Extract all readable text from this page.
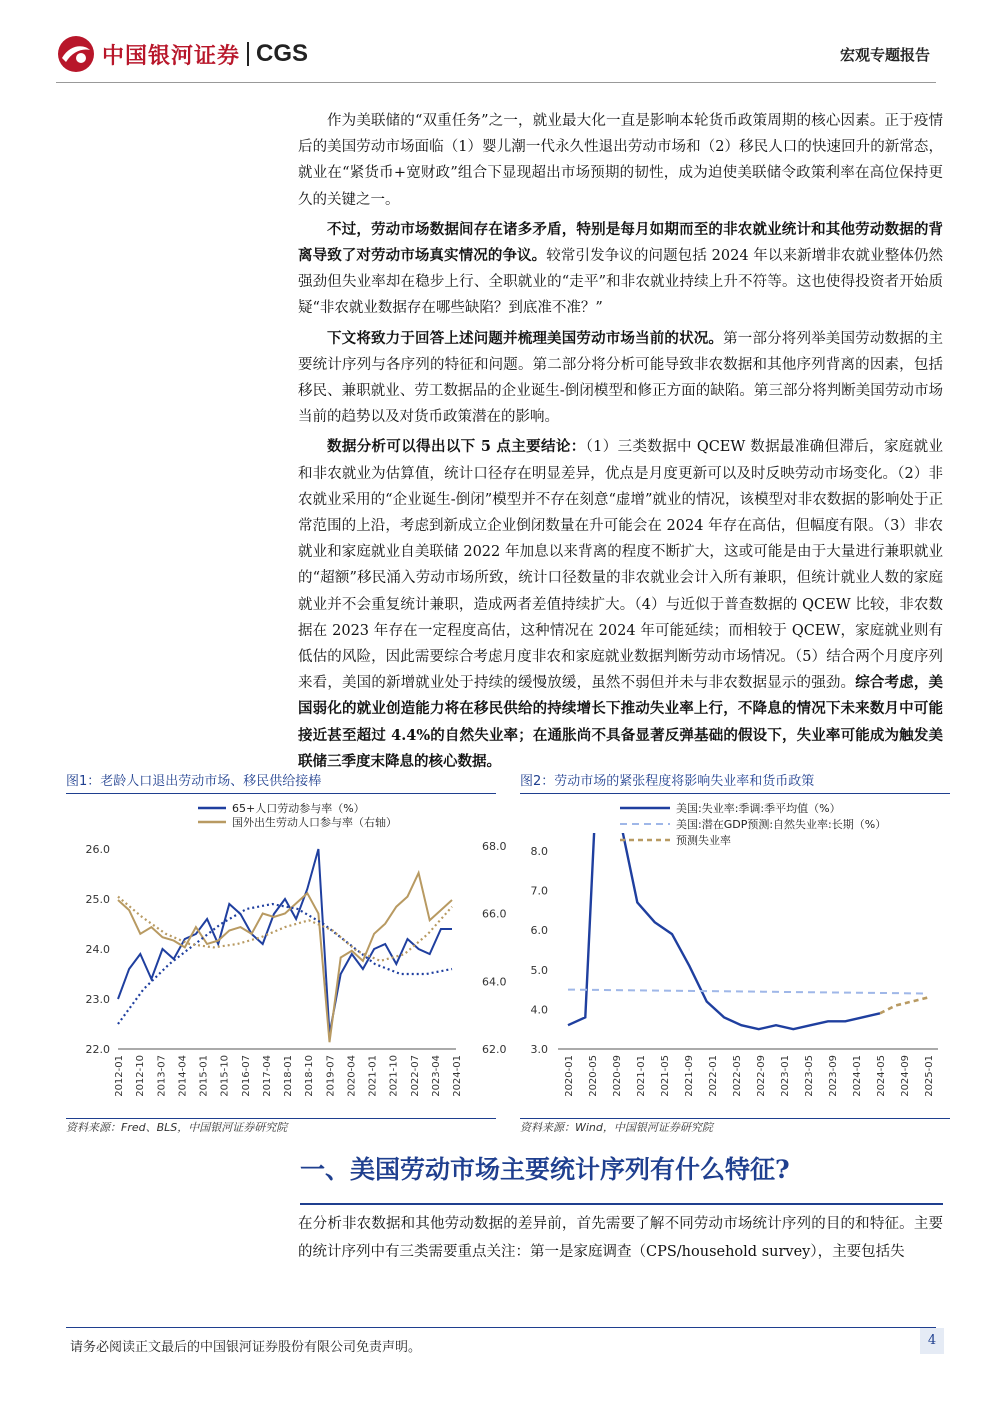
中国银河证券 CGS	宏观专题报告

作为美联储的“双重任务”之一，就业最大化一直是影响本轮货币政策周期的核心因素。正于疫情后的美国劳动市场面临（1）婴儿潮一代永久性退出劳动市场和（2）移民人口的快速回升的新常态，就业在“紧货币+宽财政”组合下显现超出市场预期的韧性，成为迫使美联储令政策利率在高位保持更久的关键之一。

不过，劳动市场数据间存在诸多矛盾，特别是每月如期而至的非农就业统计和其他劳动数据的背离导致了对劳动市场真实情况的争议。较常引发争议的问题包括 2024 年以来新增非农就业整体仍然强劲但失业率却在稳步上行、全职就业的“走平”和非农就业持续上升不符等。这也使得投资者开始质疑“非农就业数据存在哪些缺陷？到底准不准？”

下文将致力于回答上述问题并梳理美国劳动市场当前的状况。第一部分将列举美国劳动数据的主要统计序列与各序列的特征和问题。第二部分将分析可能导致非农数据和其他序列背离的因素，包括移民、兼职就业、劳工数据品的企业诞生-倒闭模型和修正方面的缺陷。第三部分将判断美国劳动市场当前的趋势以及对货币政策潜在的影响。

数据分析可以得出以下 5 点主要结论：（1）三类数据中 QCEW 数据最准确但滞后，家庭就业和非农就业为估算值，统计口径存在明显差异，优点是月度更新可以及时反映劳动市场变化。（2）非农就业采用的“企业诞生-倒闭”模型并不存在刻意“虚增”就业的情况，该模型对非农数据的影响处于正常范围的上沿，考虑到新成立企业倒闭数量在升可能会在 2024 年存在高估，但幅度有限。（3）非农就业和家庭就业自美联储 2022 年加息以来背离的程度不断扩大，这或可能是由于大量进行兼职就业的“超额”移民涌入劳动市场所致，统计口径数量的非农就业会计入所有兼职，但统计就业人数的家庭就业并不会重复统计兼职，造成两者差值持续扩大。（4）与近似于普查数据的 QCEW 比较，非农数据在 2023 年存在一定程度高估，这种情况在 2024 年可能延续；而相较于 QCEW，家庭就业则有低估的风险，因此需要综合考虑月度非农和家庭就业数据判断劳动市场情况。（5）结合两个月度序列来看，美国的新增就业处于持续的缓慢放缓，虽然不弱但并未与非农数据显示的强劲。综合考虑，美国弱化的就业创造能力将在移民供给的持续增长下推动失业率上行，不降息的情况下未来数月中可能接近甚至超过 4.4%的自然失业率；在通胀尚不具备显著反弹基础的假设下，失业率可能成为触发美联储三季度末降息的核心数据。

图1：老龄人口退出劳动市场、移民供给接棒
22.0
23.0
24.0
25.0
26.0
62.0
64.0
66.0
68.0
2012-01 2012-10 2013-07 2014-04 2015-01 2015-10 2016-07 2017-04 2018-01 2018-10 2019-07 2020-04 2021-01 2021-10 2022-07 2023-04 2024-01
65+人口劳动参与率（%）
国外出生劳动人口参与率（右轴）
资料来源：Fred、BLS，中国银河证券研究院
图2：劳动市场的紧张程度将影响失业率和货币政策
3.0
4.0
5.0
6.0
7.0
8.0
2020-01 2020-05 2020-09 2021-01 2021-05 2021-09 2022-01 2022-05 2022-09 2023-01 2023-05 2023-09 2024-01 2024-05 2024-09 2025-01
美国:失业率:季调:季平均值（%）
美国:潜在GDP预测:自然失业率:长期（%）
预测失业率
资料来源：Wind，中国银河证券研究院
一、美国劳动市场主要统计序列有什么特征?

在分析非农数据和其他劳动数据的差异前，首先需要了解不同劳动市场统计序列的目的和特征。主要的统计序列中有三类需要重点关注：第一是家庭调查（CPS/household survey），主要包括失

请务必阅读正文最后的中国银河证券股份有限公司免责声明。	4
